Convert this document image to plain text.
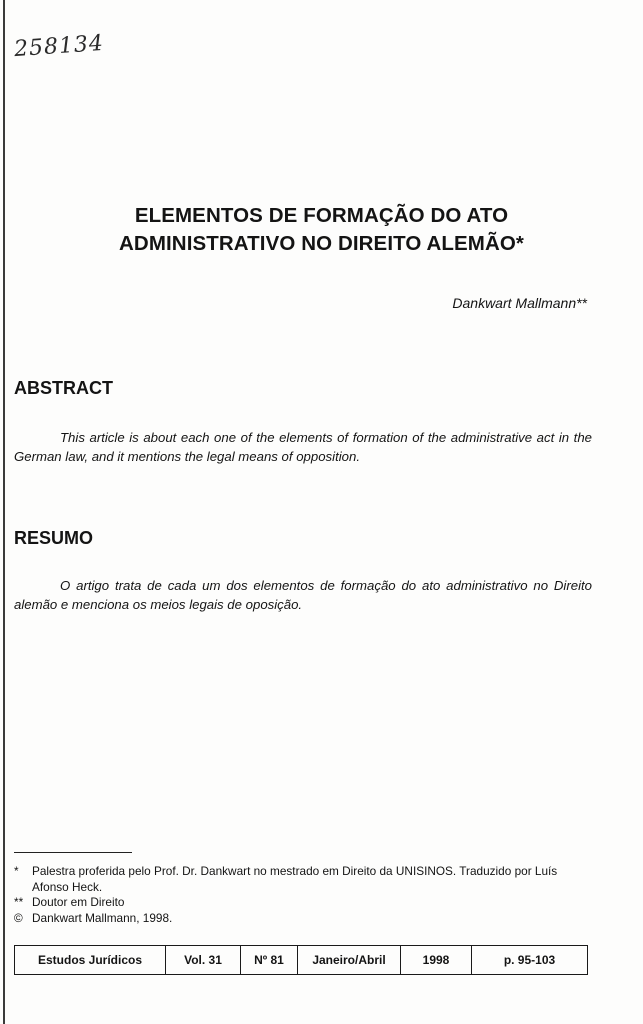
258134
ELEMENTOS DE FORMAÇÃO DO ATO
ADMINISTRATIVO NO DIREITO ALEMÃO*
Dankwart Mallmann**
ABSTRACT
This article is about each one of the elements of formation of the administrative act in the German law, and it mentions the legal means of opposition.
RESUMO
O artigo trata de cada um dos elementos de formação do ato administrativo no Direito alemão e menciona os meios legais de oposição.
* Palestra proferida pelo Prof. Dr. Dankwart no mestrado em Direito da UNISINOS. Traduzido por Luís Afonso Heck.
** Doutor em Direito
© Dankwart Mallmann, 1998.
Estudos Jurídicos	Vol. 31	Nº 81	Janeiro/Abril	1998	p. 95-103
